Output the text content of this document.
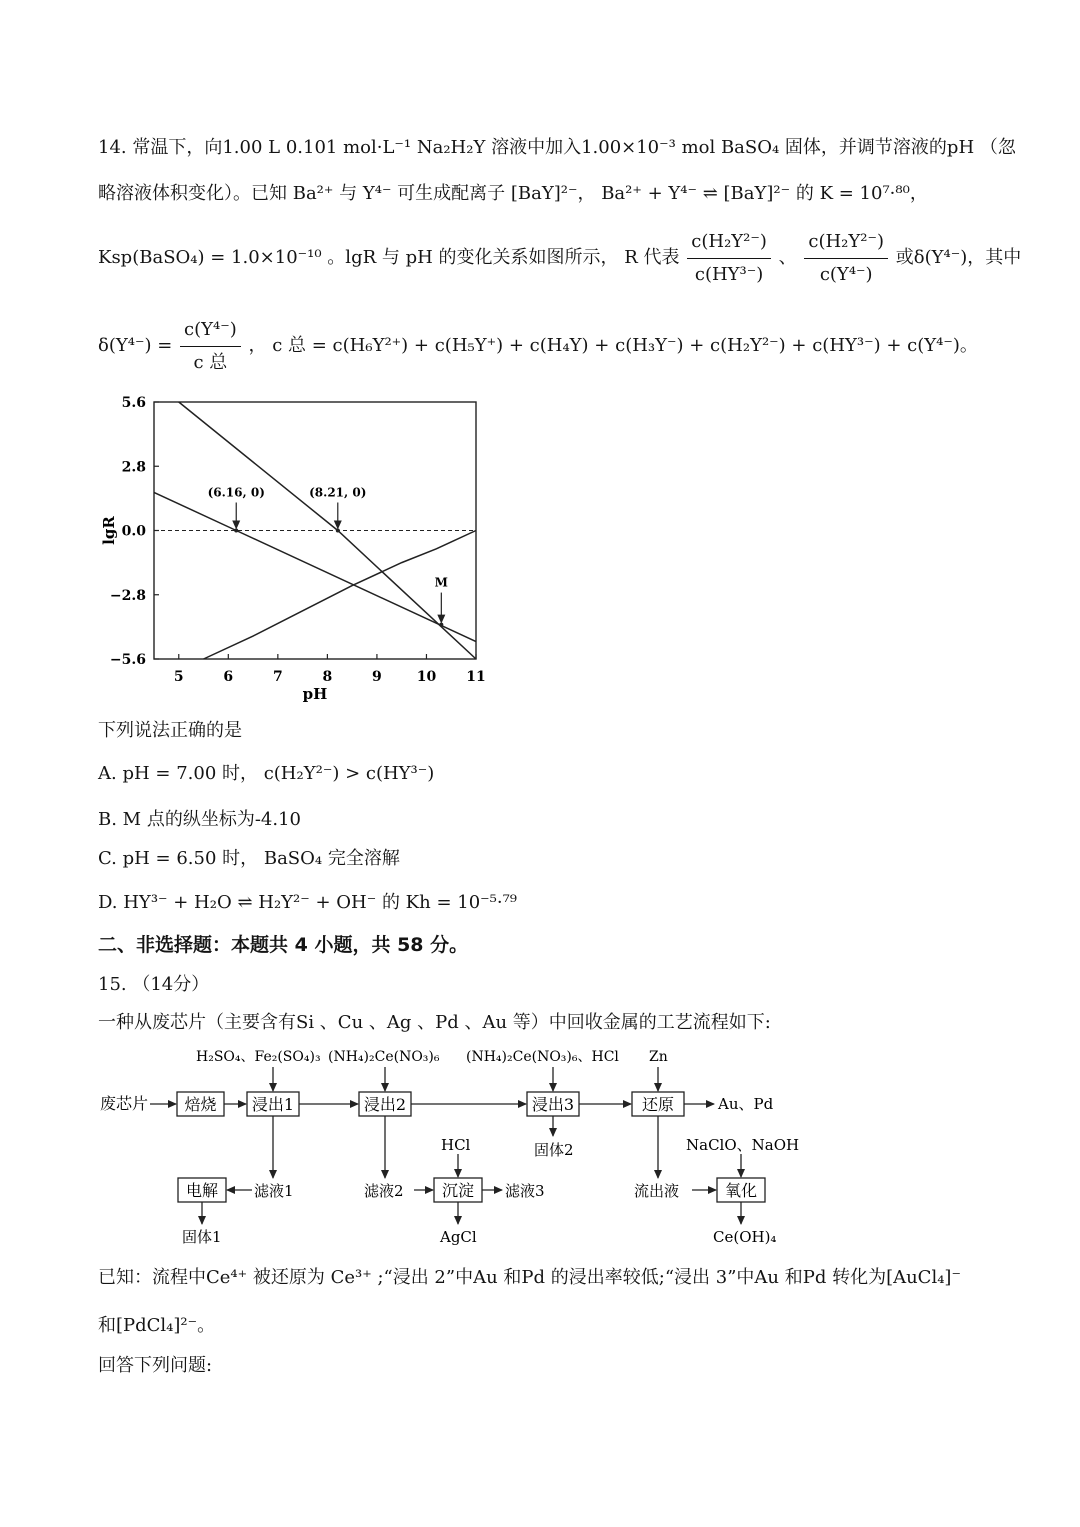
14. 常温下，向1.00 L 0.101 mol·L⁻¹ Na₂H₂Y 溶液中加入1.00×10⁻³ mol BaSO₄ 固体，并调节溶液的pH （忽
略溶液体积变化）。已知 Ba²⁺ 与 Y⁴⁻ 可生成配离子 [BaY]²⁻， Ba²⁺ + Y⁴⁻ ⇌ [BaY]²⁻ 的 K = 10⁷·⁸⁰，
Ksp(BaSO₄) = 1.0×10⁻¹⁰ 。lgR 与 pH 的变化关系如图所示， R 代表 $\frac{\text{c(H₂Y²⁻)}}{\text{c(HY³⁻)}}$ 、 $\frac{\text{c(H₂Y²⁻)}}{\text{c(Y⁴⁻)}}$ 或δ(Y⁴⁻)，其中
$\delta(Y^{4-}) = \frac{\text{c(Y⁴⁻)}}{\text{c 总}}$ ， c 总 = c(H₆Y²⁺) + c(H₅Y⁺) + c(H₄Y) + c(H₃Y⁻) + c(H₂Y²⁻) + c(HY³⁻) + c(Y⁴⁻)。
5	6	7	8	9 10 11
5.6
2.8
0.0
−2.8
−5.6
pH
lgR
(6.16, 0)	(8.21, 0)
M
下列说法正确的是
A. pH = 7.00 时， c(H₂Y²⁻) > c(HY³⁻)
B. M 点的纵坐标为-4.10
C. pH = 6.50 时， BaSO₄ 完全溶解
D. HY³⁻ + H₂O ⇌ H₂Y²⁻ + OH⁻ 的 Kh = 10⁻⁵·⁷⁹
二、非选择题：本题共 4 小题，共 58 分。
15. （14分）
一种从废芯片（主要含有Si 、Cu 、Ag 、Pd 、Au 等）中回收金属的工艺流程如下:
H₂SO₄、Fe₂(SO₄)₃ (NH₄)₂Ce(NO₃)₆ (NH₄)₂Ce(NO₃)₆、HCl Zn
废芯片 焙烧 浸出1	浸出2	浸出3	还原	Au、Pd
固体2
HCl	NaClO、NaOH
滤液1
电解
固体1
滤液2 沉淀 滤液3
AgCl
流出液	氧化
Ce(OH)₄
已知：流程中Ce⁴⁺ 被还原为 Ce³⁺ ;“浸出 2”中Au 和Pd 的浸出率较低;“浸出 3”中Au 和Pd 转化为[AuCl₄]⁻
和[PdCl₄]²⁻。
回答下列问题:
